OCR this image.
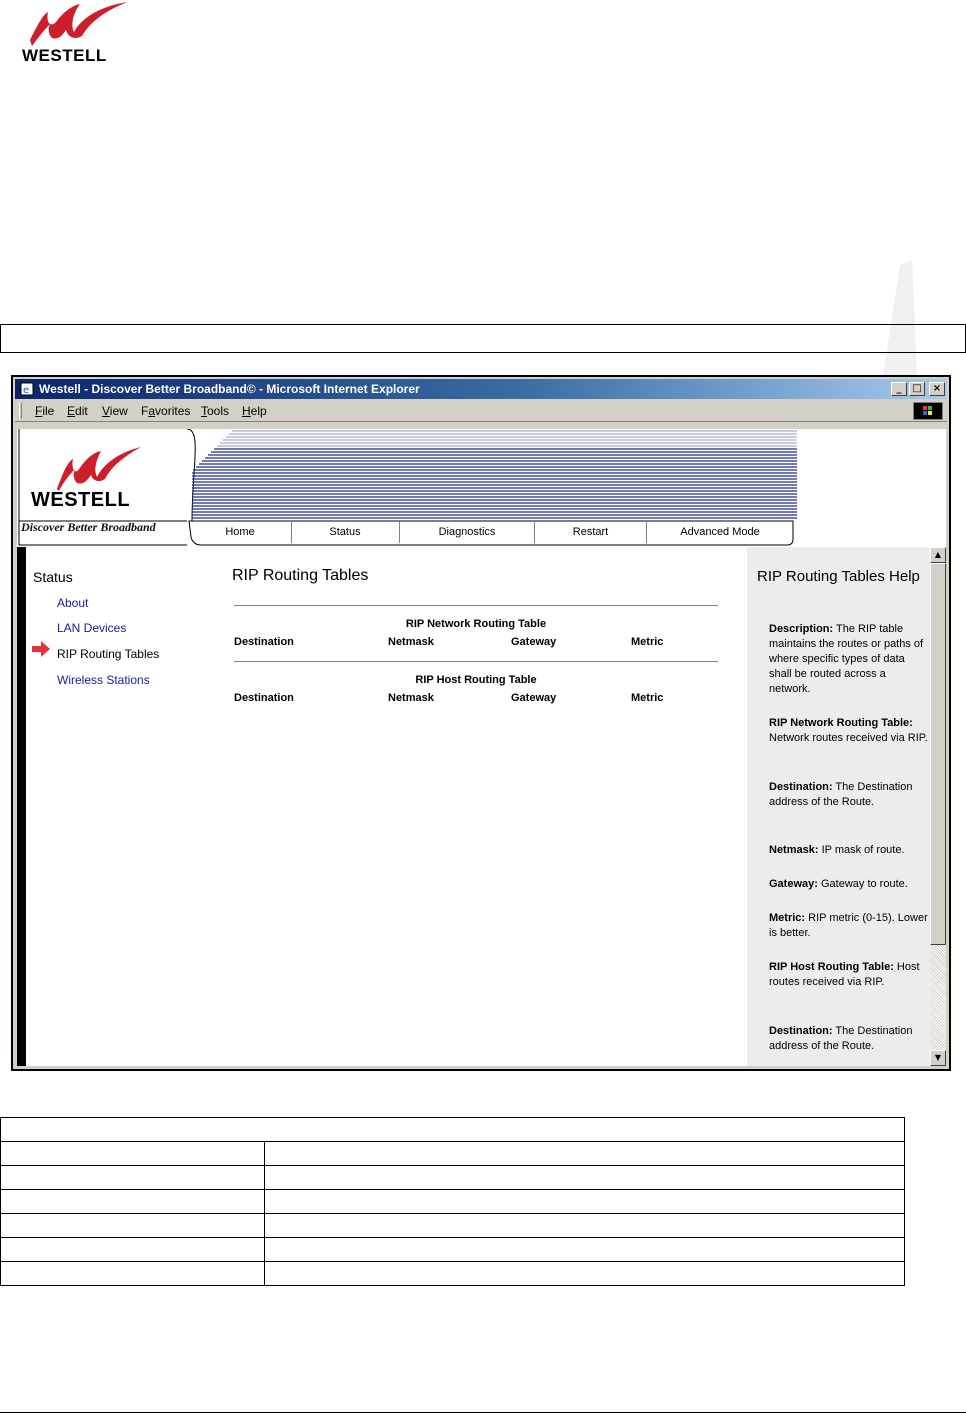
WESTELL
e Westell - Discover Better Broadband© - Microsoft Internet Explorer	_	□	×
File Edit View Favorites Tools Help
WESTELL
Discover Better Broadband	Home	Status	Diagnostics	Restart	Advanced Mode
Status
About
LAN Devices
RIP Routing Tables
Wireless Stations
RIP Routing Tables
RIP Network Routing Table
Destination	Netmask	Gateway	Metric
RIP Host Routing Table
Destination	Netmask	Gateway	Metric
RIP Routing Tables Help
Description: The RIP table maintains the routes or paths of where specific types of data shall be routed across a network.
RIP Network Routing Table: Network routes received via RIP.
Destination: The Destination address of the Route.
Netmask: IP mask of route.
Gateway: Gateway to route.
Metric: RIP metric (0-15). Lower is better.
RIP Host Routing Table: Host routes received via RIP.
Destination: The Destination address of the Route.
▲
▼
